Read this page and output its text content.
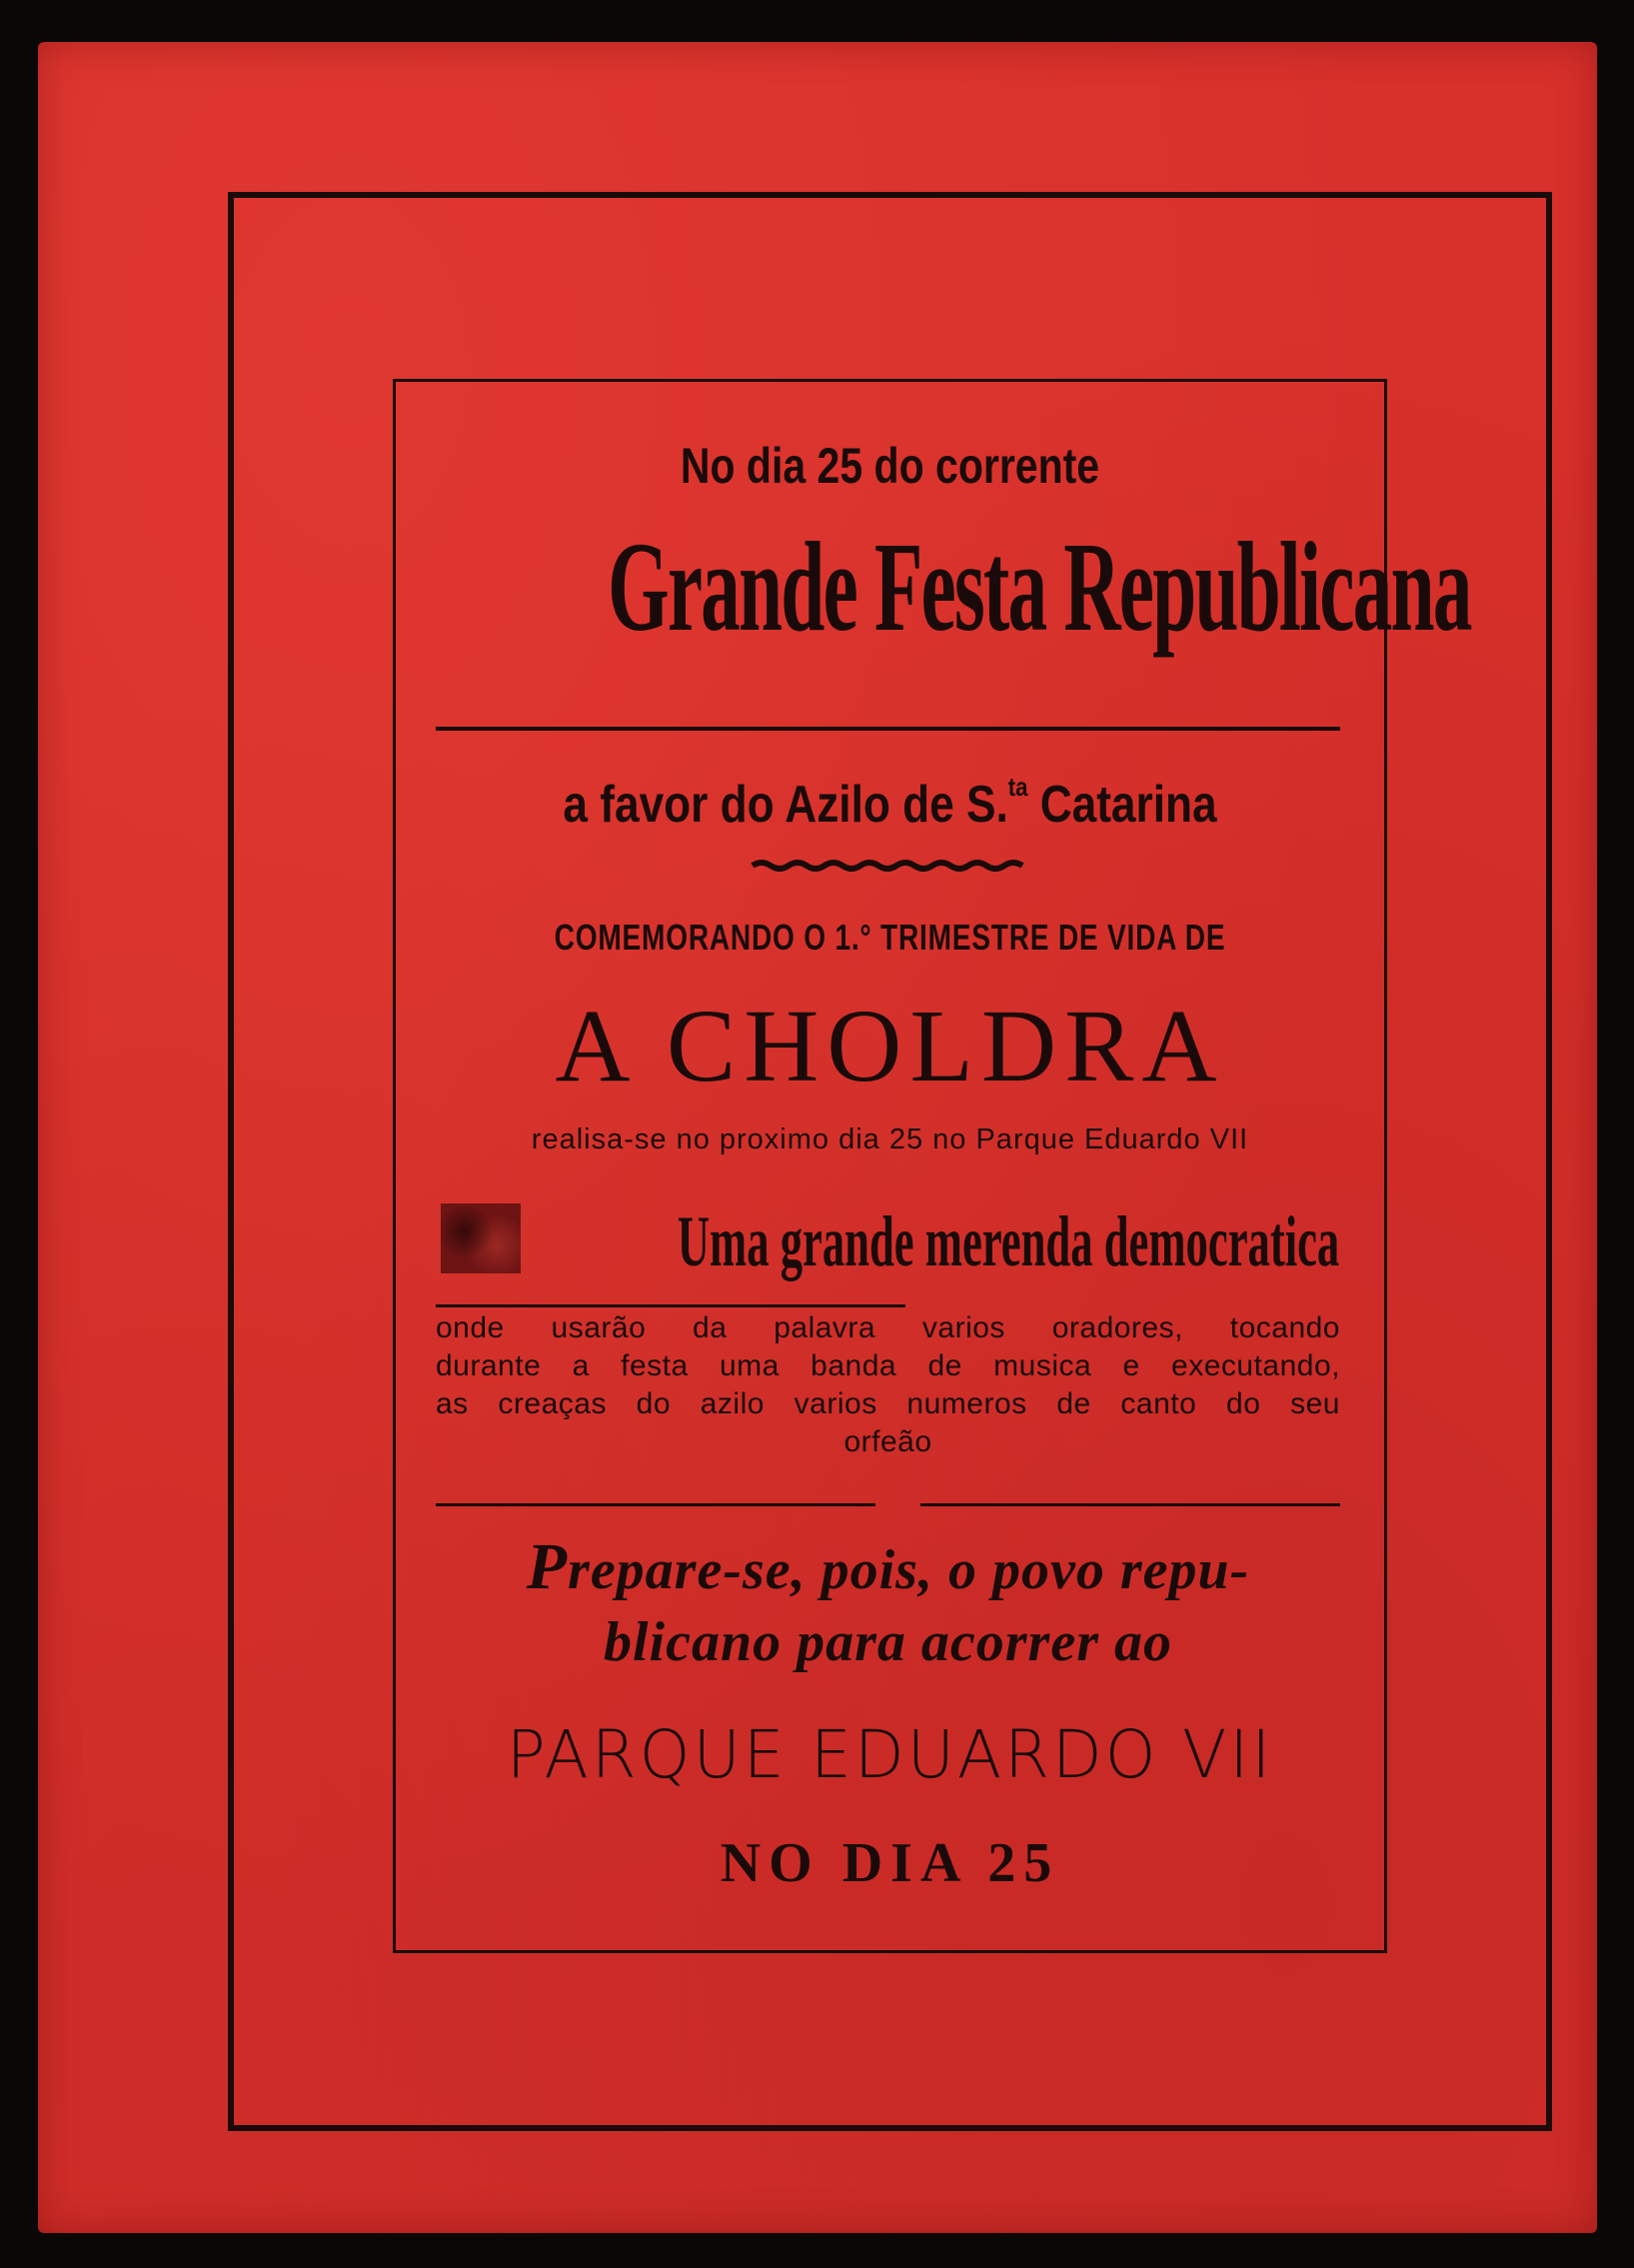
No dia 25 do corrente
Grande Festa Republicana
a favor do Azilo de S.$^{ta}$ Catarina
COMEMORANDO O 1.° TRIMESTRE DE VIDA DE
A CHOLDRA
realisa-se no proximo dia 25 no Parque Eduardo VII
Uma grande merenda democratica
onde usarão da palavra varios oradores, tocando
durante a festa uma banda de musica e executando,
as creaças do azilo varios numeros de canto do seu
orfeão
Prepare-se, pois, o povo repu-
blicano para acorrer ao
PARQUE EDUARDO VII
NO DIA 25
